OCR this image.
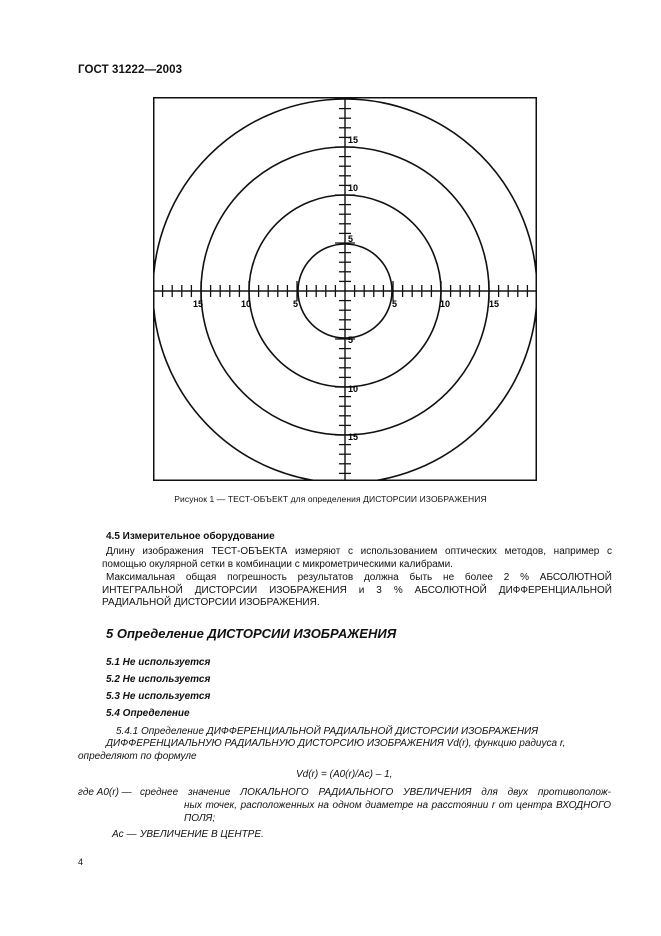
ГОСТ 31222—2003
15
10
5
5
10
15
15	10	5	5	10	15
Рисунок 1 — ТЕСТ-ОБЪЕКТ для определения ДИСТОРСИИ ИЗОБРАЖЕНИЯ
4.5 Измерительное оборудование
Длину изображения ТЕСТ-ОБЪЕКТА измеряют с использованием оптических методов, например с
помощью окулярной сетки в комбинации с микрометрическими калибрами.
Максимальная общая погрешность результатов должна быть не более 2 % АБСОЛЮТНОЙ
ИНТЕГРАЛЬНОЙ ДИСТОРСИИ ИЗОБРАЖЕНИЯ и 3 % АБСОЛЮТНОЙ ДИФФЕРЕНЦИАЛЬНОЙ
РАДИАЛЬНОЙ ДИСТОРСИИ ИЗОБРАЖЕНИЯ.
5 Определение ДИСТОРСИИ ИЗОБРАЖЕНИЯ
5.1 Не используется
5.2 Не используется
5.3 Не используется
5.4 Определение
5.4.1 Определение ДИФФЕРЕНЦИАЛЬНОЙ РАДИАЛЬНОЙ ДИСТОРСИИ ИЗОБРАЖЕНИЯ
ДИФФЕРЕНЦИАЛЬНУЮ РАДИАЛЬНУЮ ДИСТОРСИЮ ИЗОБРАЖЕНИЯ Vd(r), функцию радиуса r,
определяют по формуле
Vd(r) = (A0(r)/Ac) – 1,
где A0(r) — среднее значение ЛОКАЛЬНОГО РАДИАЛЬНОГО УВЕЛИЧЕНИЯ для двух противополож-
ных точек, расположенных на одном диаметре на расстоянии r от центра ВХОДНОГО
ПОЛЯ;
Ac — УВЕЛИЧЕНИЕ В ЦЕНТРЕ.
4
